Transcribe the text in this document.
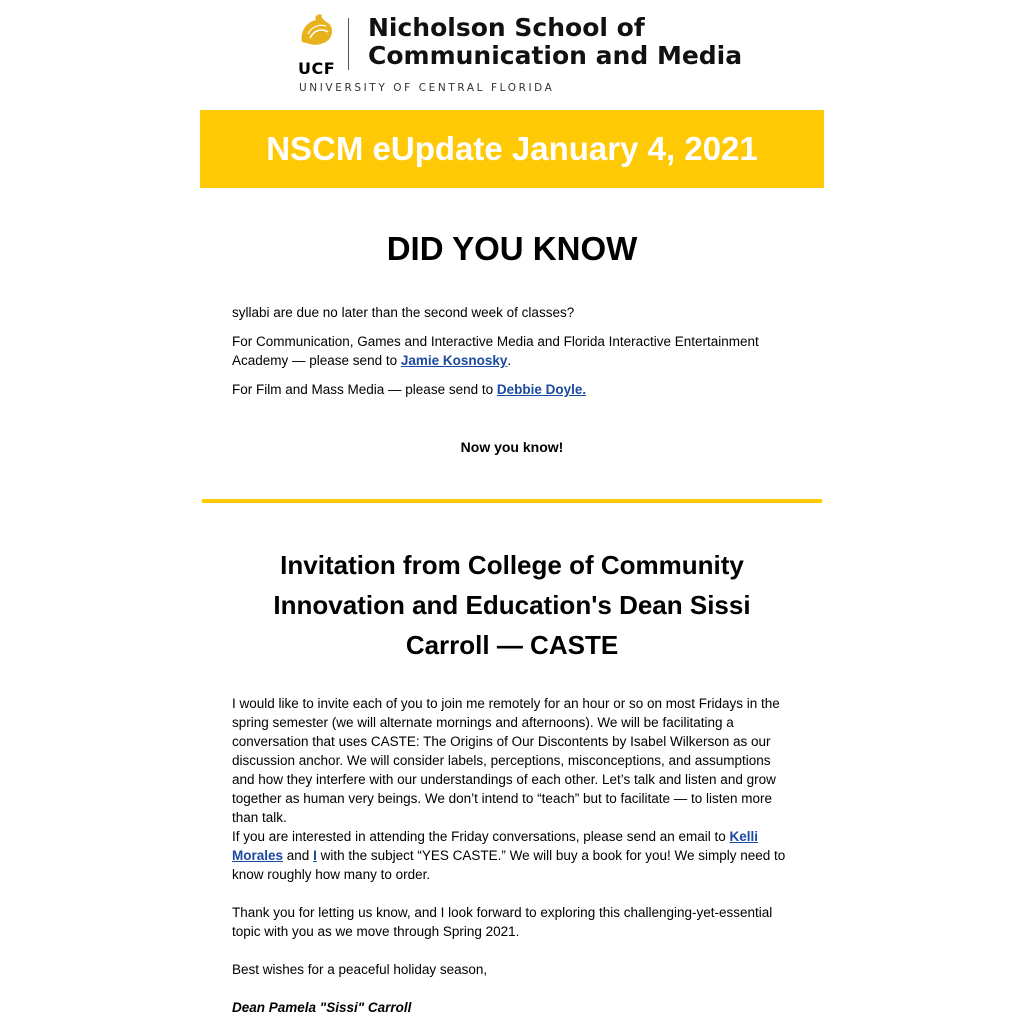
UCF
Nicholson School of
Communication and Media
UNIVERSITY OF CENTRAL FLORIDA
NSCM eUpdate January 4, 2021
DID YOU KNOW

syllabi are due no later than the second week of classes?

For Communication, Games and Interactive Media and Florida Interactive Entertainment Academy — please send to Jamie Kosnosky.

For Film and Mass Media — please send to Debbie Doyle.

Now you know!

Invitation from College of Community Innovation and Education's Dean Sissi Carroll — CASTE

I would like to invite each of you to join me remotely for an hour or so on most Fridays in the spring semester (we will alternate mornings and afternoons). We will be facilitating a conversation that uses CASTE: The Origins of Our Discontents by Isabel Wilkerson as our discussion anchor. We will consider labels, perceptions, misconceptions, and assumptions and how they interfere with our understandings of each other. Let’s talk and listen and grow together as human very beings. We don’t intend to “teach” but to facilitate — to listen more than talk.

If you are interested in attending the Friday conversations, please send an email to Kelli Morales and I with the subject “YES CASTE.” We will buy a book for you! We simply need to know roughly how many to order.

Thank you for letting us know, and I look forward to exploring this challenging-yet-essential topic with you as we move through Spring 2021.

Best wishes for a peaceful holiday season,

Dean Pamela "Sissi" Carroll
